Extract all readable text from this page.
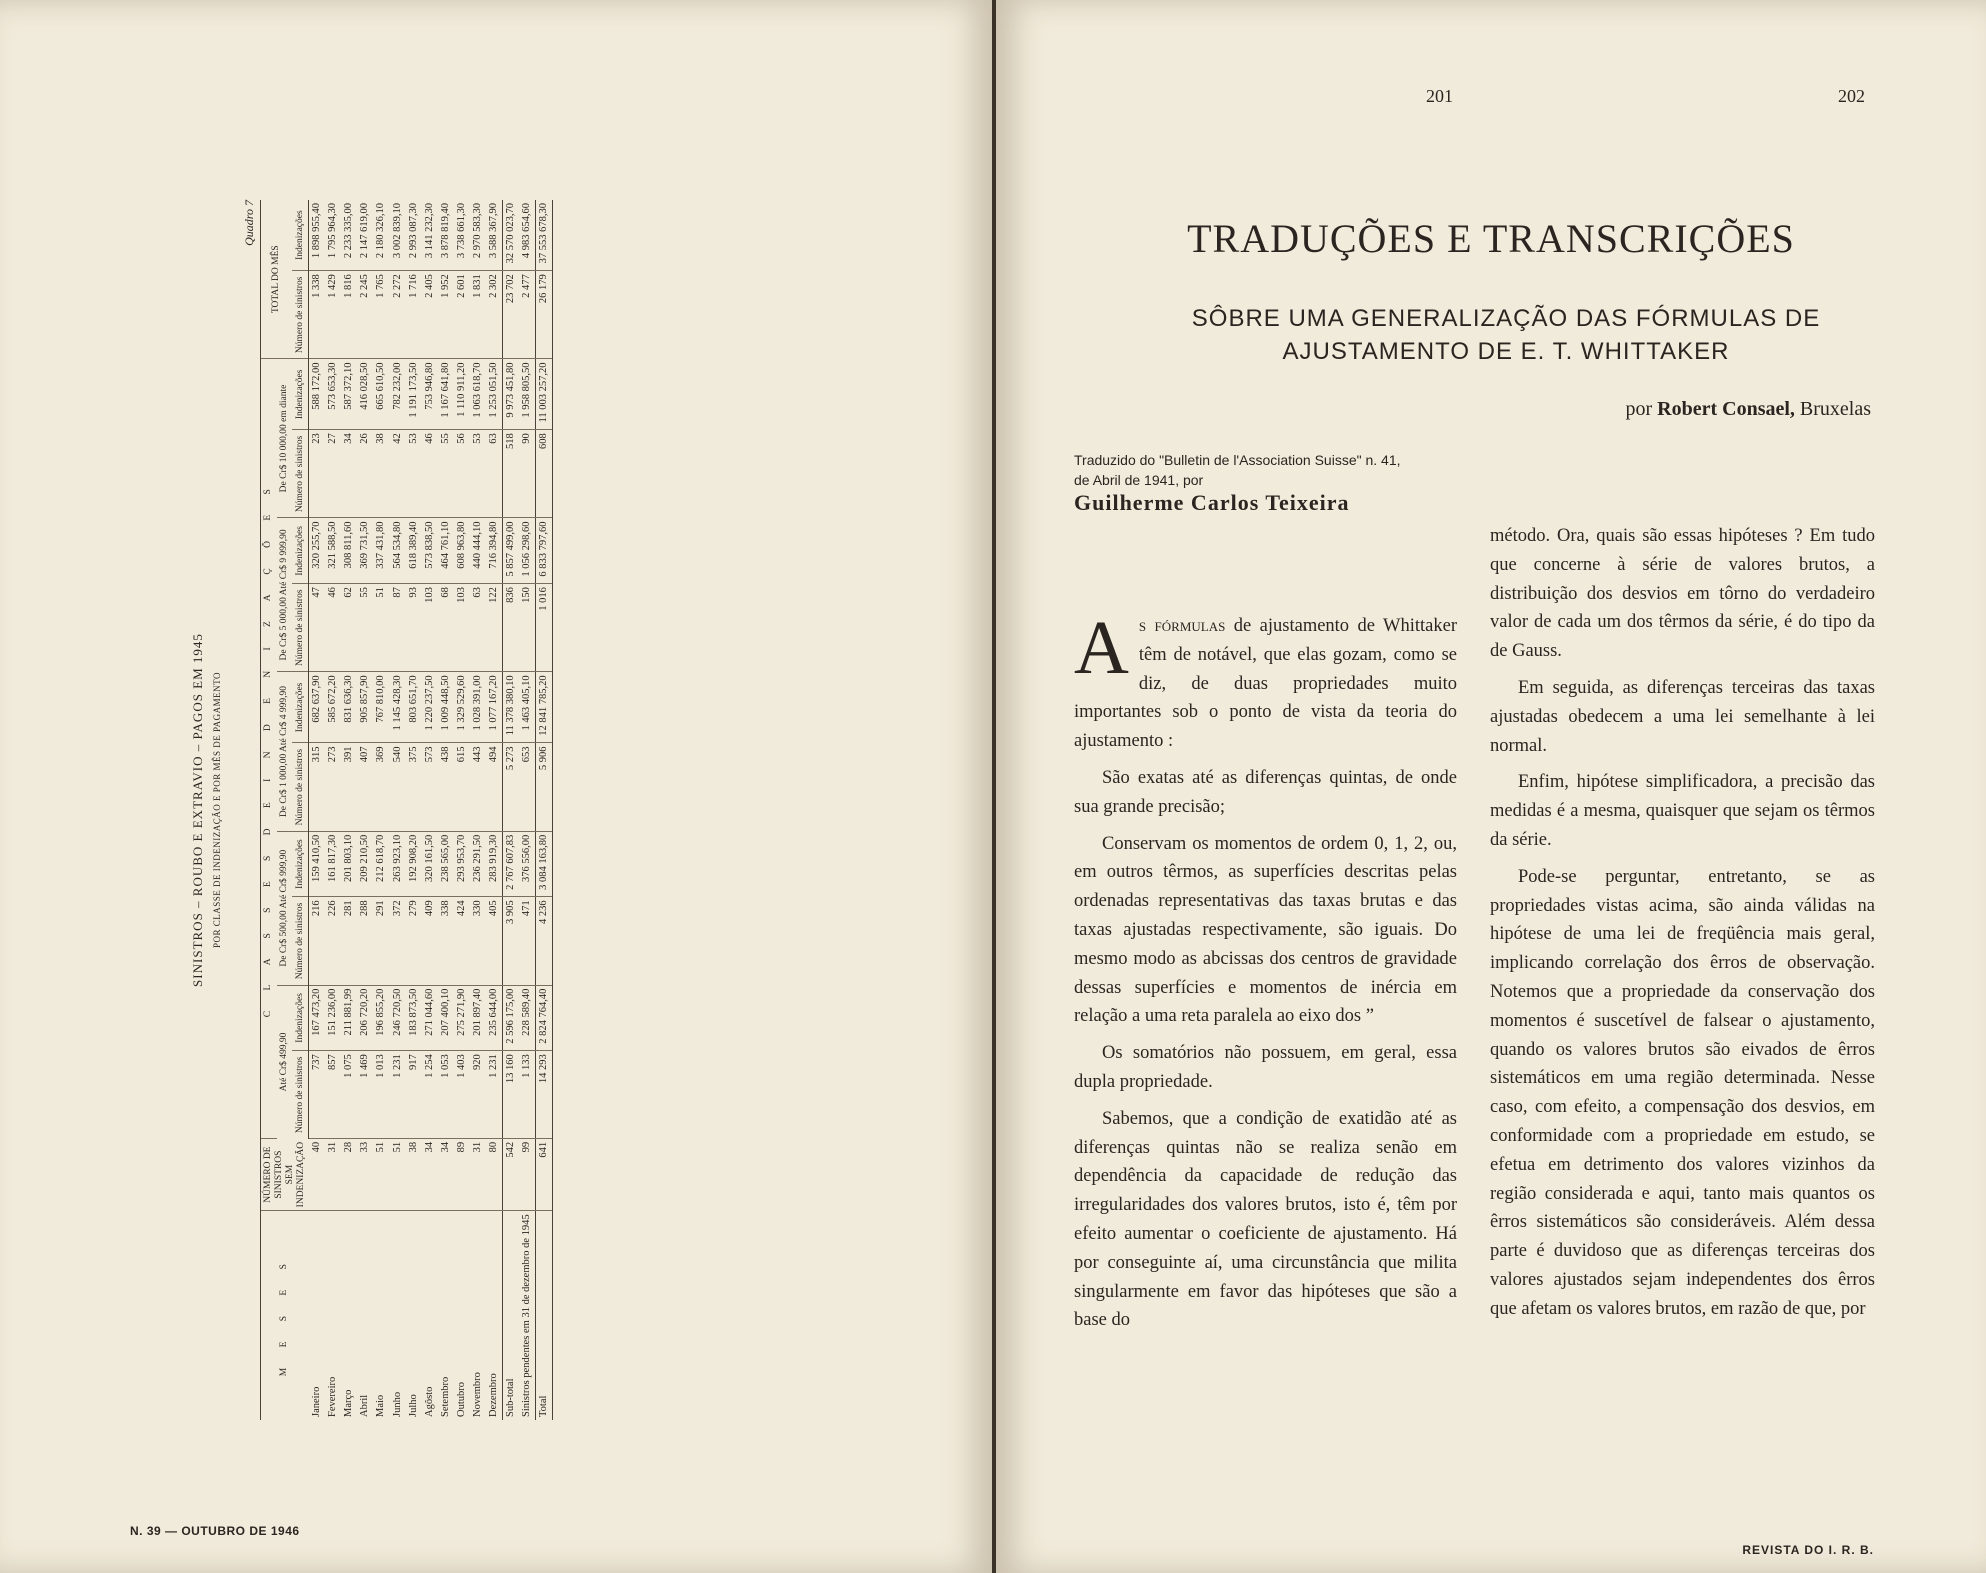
SINISTROS – ROUBO E EXTRAVIO – PAGOS EM 1945 POR CLASSE DE INDENIZAÇÃO E POR MÊS DE PAGAMENTO
Quadro 7
M E S E S	NÚMERO DE SINISTROS SEM INDENIZAÇÃO	C L A S S E S D E I N D E N I Z A Ç Õ E S										TOTAL DO MÊS	
		Até Cr$ 499,90		De Cr$ 500,00 Até Cr$ 999,90		De Cr$ 1 000,00 Até Cr$ 4 999,90		De Cr$ 5 000,00 Até Cr$ 9 999,90		De Cr$ 10 000,00 em diante			
		Número de sinistros	Indenizações	Número de sinistros	Indenizações	Número de sinistros	Indenizações	Número de sinistros	Indenizações	Número de sinistros	Indenizações	Número de sinistros	Indenizações
Janeiro	40	737	167 473,20	216	159 410,50	315	682 637,90	47	320 255,70	23	588 172,00	1 338	1 898 955,40
Fevereiro	31	857	151 236,00	226	161 817,30	273	585 672,20	46	321 588,50	27	573 653,30	1 429	1 795 964,30
Março	28	1 075	211 881,99	281	201 803,10	391	831 636,30	62	308 811,60	34	587 372,10	1 816	2 233 335,00
Abril	33	1 469	206 720,20	288	209 210,50	407	905 857,90	55	369 731,50	26	416 028,50	2 245	2 147 619,00
Maio	51	1 013	196 855,20	291	212 618,70	369	767 810,00	51	337 431,80	38	665 610,50	1 765	2 180 326,10
Junho	51	1 231	246 720,50	372	263 923,10	540	1 145 428,30	87	564 534,80	42	782 232,00	2 272	3 002 839,10
Julho	38	917	183 873,50	279	192 908,20	375	803 651,70	93	618 389,40	53	1 191 173,50	1 716	2 993 087,30
Agôsto	34	1 254	271 044,60	409	320 161,50	573	1 220 237,50	103	573 838,50	46	753 946,80	2 405	3 141 232,30
Setembro	34	1 053	207 400,10	338	238 565,00	438	1 009 448,50	68	464 761,10	55	1 167 641,80	1 952	3 878 819,40
Outubro	89	1 403	275 271,90	424	293 953,70	615	1 329 529,60	103	608 963,80	56	1 110 911,20	2 601	3 738 661,30
Novembro	31	920	201 897,40	330	236 291,50	443	1 028 391,00	63	440 444,10	53	1 063 618,70	1 831	2 970 583,30
Dezembro	80	1 231	235 644,00	405	283 919,30	494	1 077 167,20	122	716 394,80	63	1 253 051,50	2 302	3 588 367,90
Sub-total	542	13 160	2 596 175,00	3 905	2 767 607,83	5 273	11 378 380,10	836	5 857 499,00	518	9 973 451,80	23 702	32 570 023,70
Sinistros pendentes em 31 de dezembro de 1945	99	1 133	228 589,40	471	376 556,00	653	1 463 405,10	150	1 056 298,60	90	1 958 805,50	2 477	4 983 654,60
Total	641	14 293	2 824 764,40	4 236	3 084 163,80	5 906	12 841 785,20	1 016	6 833 797,60	608	11 003 257,20	26 179	37 553 678,30
N. 39 — OUTUBRO DE 1946
201	202
TRADUÇÕES E TRANSCRIÇÕES
SÔBRE UMA GENERALIZAÇÃO DAS FÓRMULAS DE
AJUSTAMENTO DE E. T. WHITTAKER
por Robert Consael, Bruxelas
Traduzido do "Bulletin de l'Association Suisse" n. 41, de Abril de 1941, por
Guilherme Carlos Teixeira

As fórmulas de ajustamento de Whittaker têm de notável, que elas gozam, como se diz, de duas propriedades muito importantes sob o ponto de vista da teoria do ajustamento :

São exatas até as diferenças quintas, de onde sua grande precisão;

Conservam os momentos de ordem 0, 1, 2, ou, em outros têrmos, as superfícies descritas pelas ordenadas representativas das taxas brutas e das taxas ajustadas respectivamente, são iguais. Do mesmo modo as abcissas dos centros de gravidade dessas superfícies e momentos de inércia em relação a uma reta paralela ao eixo dos ”

Os somatórios não possuem, em geral, essa dupla propriedade.

Sabemos, que a condição de exatidão até as diferenças quintas não se realiza senão em dependência da capacidade de redução das irregularidades dos valores brutos, isto é, têm por efeito aumentar o coeficiente de ajustamento. Há por conseguinte aí, uma circunstância que milita singularmente em favor das hipóteses que são a base do

método. Ora, quais são essas hipóteses ? Em tudo que concerne à série de valores brutos, a distribuição dos desvios em tôrno do verdadeiro valor de cada um dos têrmos da série, é do tipo da de Gauss.

Em seguida, as diferenças terceiras das taxas ajustadas obedecem a uma lei semelhante à lei normal.

Enfim, hipótese simplificadora, a precisão das medidas é a mesma, quaisquer que sejam os têrmos da série.

Pode-se perguntar, entretanto, se as propriedades vistas acima, são ainda válidas na hipótese de uma lei de freqüência mais geral, implicando correlação dos êrros de observação. Notemos que a propriedade da conservação dos momentos é suscetível de falsear o ajustamento, quando os valores brutos são eivados de êrros sistemáticos em uma região determinada. Nesse caso, com efeito, a compensação dos desvios, em conformidade com a propriedade em estudo, se efetua em detrimento dos valores vizinhos da região considerada e aqui, tanto mais quantos os êrros sistemáticos são consideráveis. Além dessa parte é duvidoso que as diferenças terceiras dos valores ajustados sejam independentes dos êrros que afetam os valores brutos, em razão de que, por

REVISTA DO I. R. B.
